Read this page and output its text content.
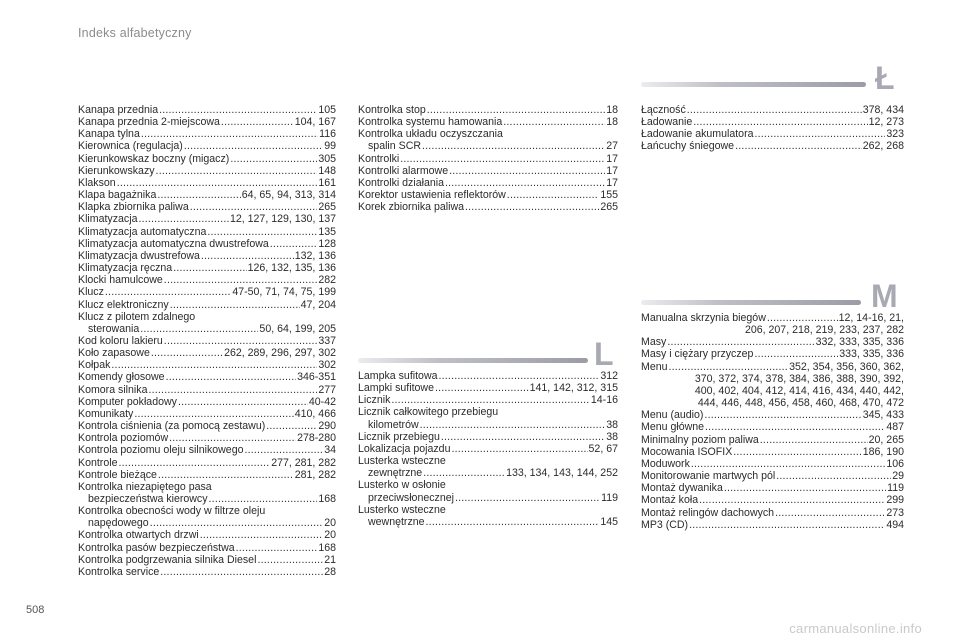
Indeks alfabetyczny
Kanapa przednia .....	105
Kanapa przednia 2-miejscowa .....	104, 167
Kanapa tylna .....	116
Kierownica (regulacja) .....	99
Kierunkowskaz boczny (migacz) .....	305
Kierunkowskazy .....	148
Klakson .....	161
Klapa bagażnika .....	64, 65, 94, 313, 314
Klapka zbiornika paliwa .....	265
Klimatyzacja .....	12, 127, 129, 130, 137
Klimatyzacja automatyczna .....	135
Klimatyzacja automatyczna dwustrefowa .....	128
Klimatyzacja dwustrefowa .....	132, 136
Klimatyzacja ręczna .....	126, 132, 135, 136
Klocki hamulcowe .....	282
Klucz .....	47-50, 71, 74, 75, 199
Klucz elektroniczny .....	47, 204
Klucz z pilotem zdalnego
sterowania .....	50, 64, 199, 205
Kod koloru lakieru .....	337
Koło zapasowe .....	262, 289, 296, 297, 302
Kołpak .....	302
Komendy głosowe .....	346-351
Komora silnika .....	277
Komputer pokładowy .....	40-42
Komunikaty .....	410, 466
Kontrola ciśnienia (za pomocą zestawu) .....	290
Kontrola poziomów .....	278-280
Kontrola poziomu oleju silnikowego .....	34
Kontrole .....	277, 281, 282
Kontrole bieżące .....	281, 282
Kontrolka niezapiętego pasa
bezpieczeństwa kierowcy .....	168
Kontrolka obecności wody w filtrze oleju
napędowego .....	20
Kontrolka otwartych drzwi .....	20
Kontrolka pasów bezpieczeństwa .....	168
Kontrolka podgrzewania silnika Diesel .....	21
Kontrolka service .....	28
Kontrolka stop .....	18
Kontrolka systemu hamowania .....	18
Kontrolka układu oczyszczania
spalin SCR .....	27
Kontrolki .....	17
Kontrolki alarmowe .....	17
Kontrolki działania .....	17
Korektor ustawienia reflektorów .....	155
Korek zbiornika paliwa .....	265
L
Lampka sufitowa .....	312
Lampki sufitowe .....	141, 142, 312, 315
Licznik .....	14-16
Licznik całkowitego przebiegu
kilometrów .....	38
Licznik przebiegu .....	38
Lokalizacja pojazdu .....	52, 67
Lusterka wsteczne
zewnętrzne .....	133, 134, 143, 144, 252
Lusterko w osłonie
przeciwsłonecznej .....	119
Lusterko wsteczne
wewnętrzne .....	145
Ł
Łączność .....	378, 434
Ładowanie .....	12, 273
Ładowanie akumulatora .....	323
Łańcuchy śniegowe .....	262, 268
M
Manualna skrzynia biegów .....	12, 14-16, 21,
206, 207, 218, 219, 233, 237, 282
Masy .....	332, 333, 335, 336
Masy i ciężary przyczep .....	333, 335, 336
Menu .....	352, 354, 356, 360, 362,
370, 372, 374, 378, 384, 386, 388, 390, 392,
400, 402, 404, 412, 414, 416, 434, 440, 442,
444, 446, 448, 456, 458, 460, 468, 470, 472
Menu (audio) .....	345, 433
Menu główne .....	487
Minimalny poziom paliwa .....	20, 265
Mocowania ISOFIX .....	186, 190
Moduwork .....	106
Monitorowanie martwych pól .....	29
Montaż dywanika .....	119
Montaż koła .....	299
Montaż relingów dachowych .....	273
MP3 (CD) .....	494
508
carmanualsonline.info
